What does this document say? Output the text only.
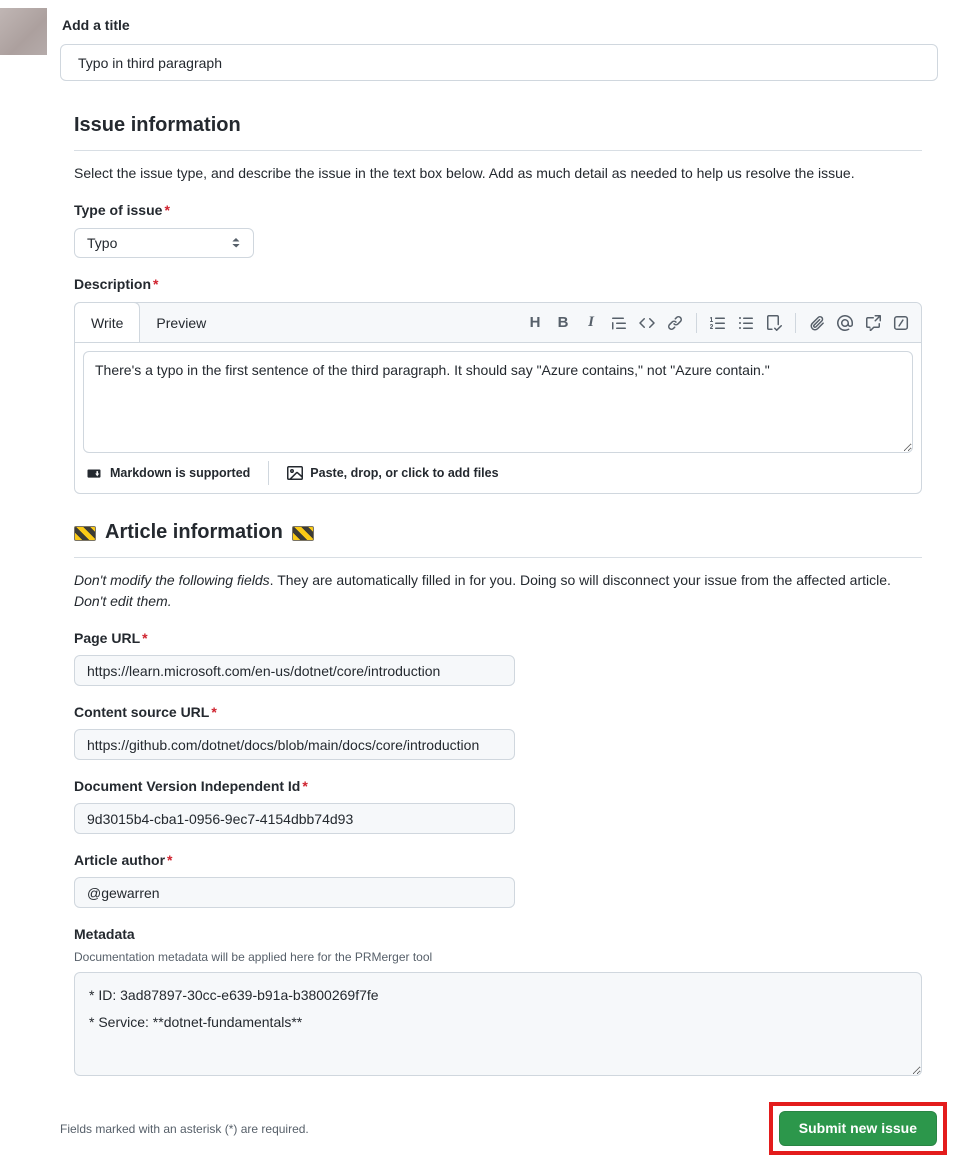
Add a title
Typo in third paragraph
Issue information

Select the issue type, and describe the issue in the text box below. Add as much detail as needed to help us resolve the issue.

Type of issue *
Typo
Description *
Write	Preview	H B I
There's a typo in the first sentence of the third paragraph. It should say "Azure contains," not "Azure contain."
Markdown is supported	Paste, drop, or click to add files
Article information

Don't modify the following fields. They are automatically filled in for you. Doing so will disconnect your issue from the affected article. Don't edit them.

Page URL *
https://learn.microsoft.com/en-us/dotnet/core/introduction
Content source URL *
https://github.com/dotnet/docs/blob/main/docs/core/introduction
Document Version Independent Id *
9d3015b4-cba1-0956-9ec7-4154dbb74d93
Article author *
@gewarren
Metadata
Documentation metadata will be applied here for the PRMerger tool
* ID: 3ad87897-30cc-e639-b91a-b3800269f7fe * Service: **dotnet-fundamentals**
Fields marked with an asterisk (*) are required.	Submit new issue
